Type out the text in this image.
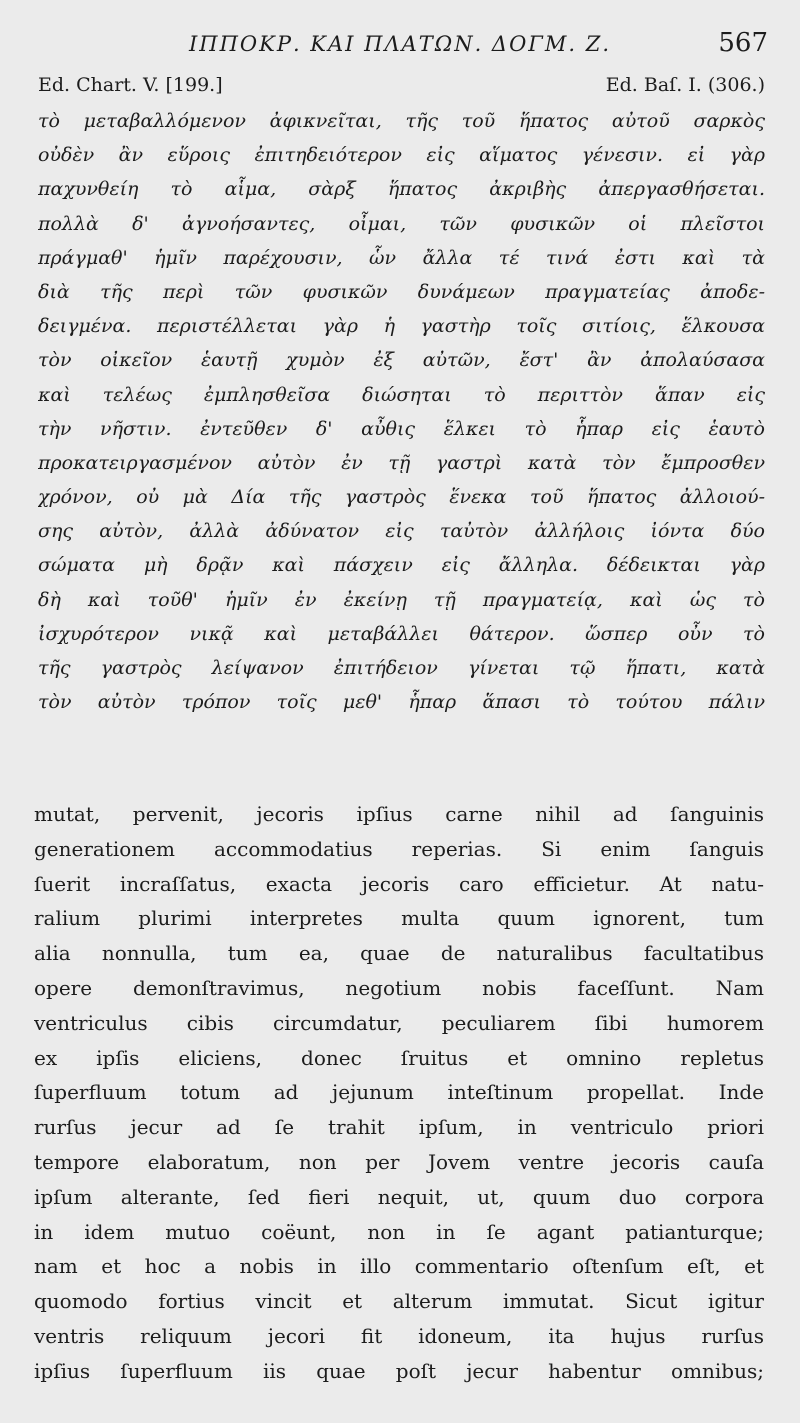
ΙΠΠΟΚΡ. ΚΑΙ ΠΛΑΤΩΝ. ΔΟΓΜ. Ζ.	567
Ed. Chart. V. [199.]	Ed. Baſ. I. (306.)
τὸ μεταβαλλόμενον ἀφικνεῖται, τῆς τοῦ ἥπατος αὐτοῦ σαρκὸς
οὐδὲν ἂν εὕροις ἐπιτηδειότερον εἰς αἵματος γένεσιν. εἰ γὰρ
παχυνθείη τὸ αἷμα, σὰρξ ἥπατος ἀκριβὴς ἀπεργασθήσεται.
πολλὰ δ' ἀγνοήσαντες, οἶμαι, τῶν φυσικῶν οἱ πλεῖστοι
πράγμαθ' ἡμῖν παρέχουσιν, ὧν ἄλλα τέ τινά ἐστι καὶ τὰ
διὰ τῆς περὶ τῶν φυσικῶν δυνάμεων πραγματείας ἀποδε-
δειγμένα. περιστέλλεται γὰρ ἡ γαστὴρ τοῖς σιτίοις, ἕλκουσα
τὸν οἰκεῖον ἑαυτῇ χυμὸν ἐξ αὐτῶν, ἔστ' ἂν ἀπολαύσασα
καὶ τελέως ἐμπλησθεῖσα διώσηται τὸ περιττὸν ἅπαν εἰς
τὴν νῆστιν. ἐντεῦθεν δ' αὖθις ἕλκει τὸ ἧπαρ εἰς ἑαυτὸ
προκατειργασμένον αὐτὸν ἐν τῇ γαστρὶ κατὰ τὸν ἔμπροσθεν
χρόνον, οὐ μὰ Δία τῆς γαστρὸς ἕνεκα τοῦ ἥπατος ἀλλοιού-
σης αὐτὸν, ἀλλὰ ἀδύνατον εἰς ταὐτὸν ἀλλήλοις ἰόντα δύο
σώματα μὴ δρᾷν καὶ πάσχειν εἰς ἄλληλα. δέδεικται γὰρ
δὴ καὶ τοῦθ' ἡμῖν ἐν ἐκείνῃ τῇ πραγματείᾳ, καὶ ὡς τὸ
ἰσχυρότερον νικᾷ καὶ μεταβάλλει θάτερον. ὥσπερ οὖν τὸ
τῆς γαστρὸς λείψανον ἐπιτήδειον γίνεται τῷ ἥπατι, κατὰ
τὸν αὐτὸν τρόπον τοῖς μεθ' ἧπαρ ἅπασι τὸ τούτου πάλιν
mutat, pervenit, jecoris ipſius carne nihil ad ſanguinis
generationem accommodatius reperias. Si enim ſanguis
ſuerit incraſſatus, exacta jecoris caro efficietur. At natu-
ralium plurimi interpretes multa quum ignorent, tum
alia nonnulla, tum ea, quae de naturalibus facultatibus
opere demonſtravimus, negotium nobis faceſſunt. Nam
ventriculus cibis circumdatur, peculiarem ſibi humorem
ex ipſis eliciens, donec ſruitus et omnino repletus
ſuperfluum totum ad jejunum inteſtinum propellat. Inde
rurſus jecur ad ſe trahit ipſum, in ventriculo priori
tempore elaboratum, non per Jovem ventre jecoris cauſa
ipſum alterante, ſed fieri nequit, ut, quum duo corpora
in idem mutuo coëunt, non in ſe agant patianturque;
nam et hoc a nobis in illo commentario oſtenſum eſt, et
quomodo fortius vincit et alterum immutat. Sicut igitur
ventris reliquum jecori fit idoneum, ita hujus rurſus
ipſius ſuperfluum iis quae poſt jecur habentur omnibus;
